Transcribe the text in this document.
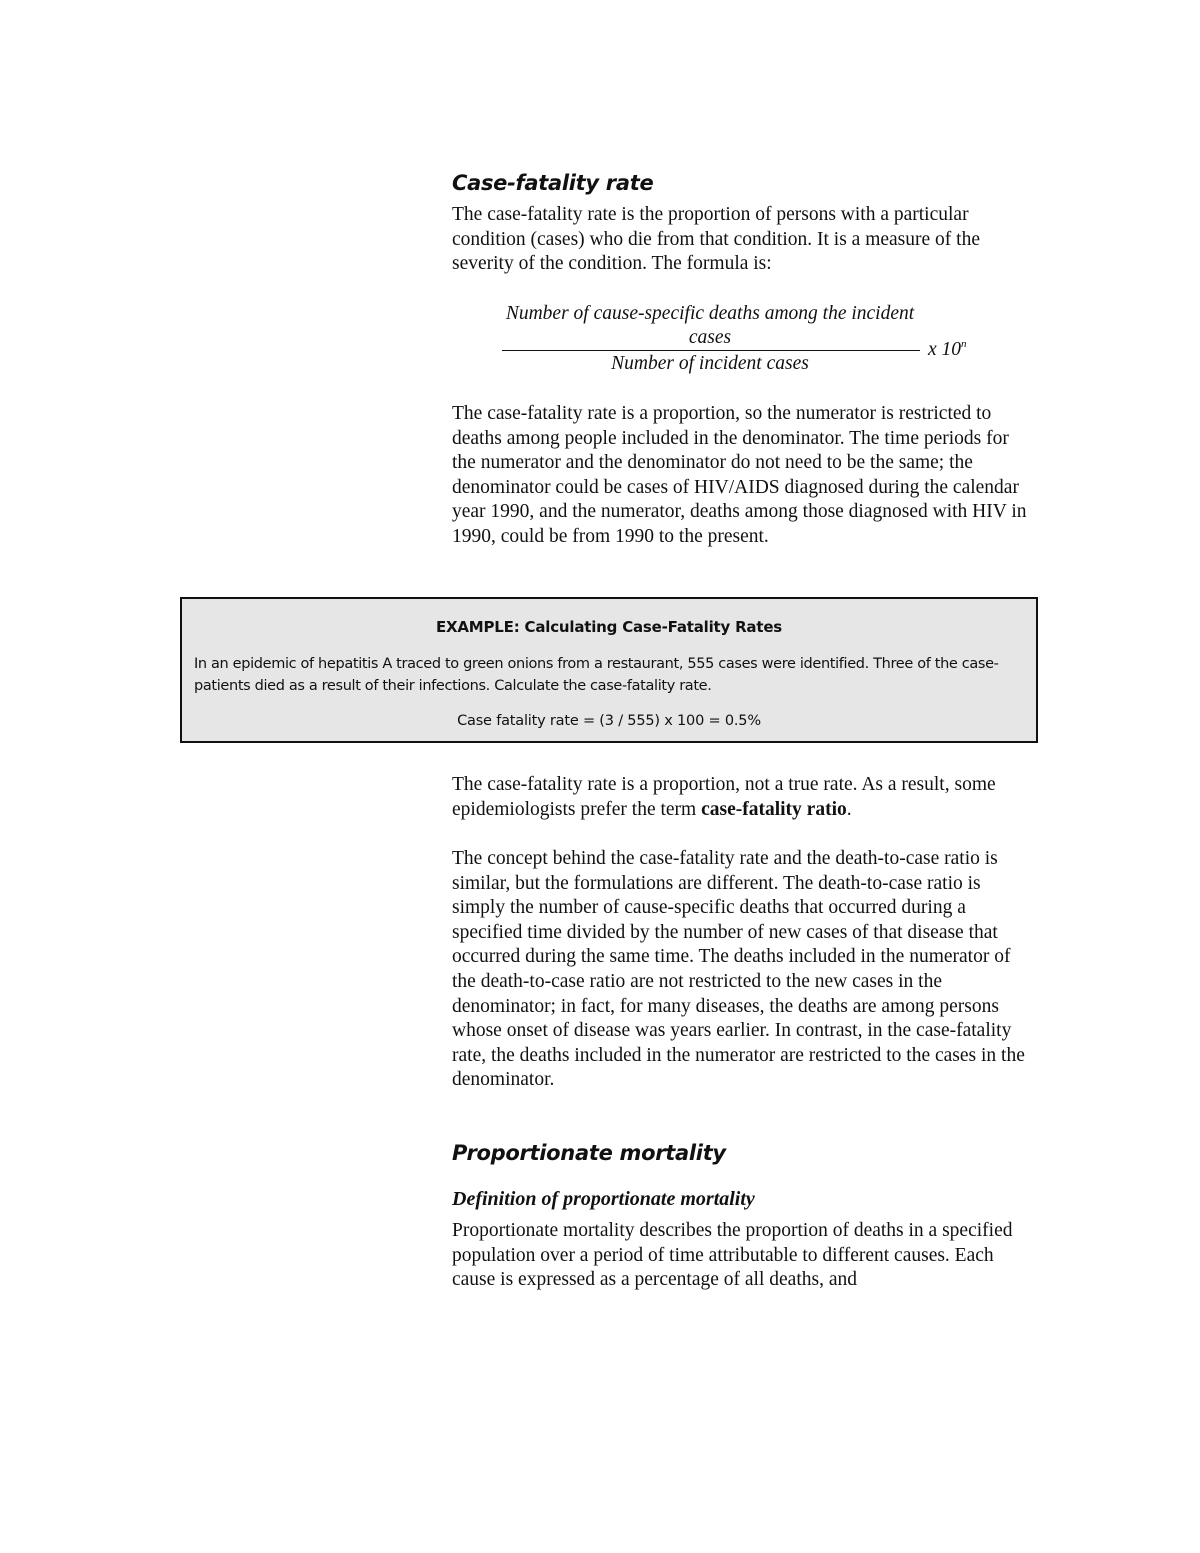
Case-fatality rate

The case-fatality rate is the proportion of persons with a particular condition (cases) who die from that condition. It is a measure of the severity of the condition. The formula is:

Number of cause-specific deaths among the incident cases
Number of incident cases
x 10$^n$

The case-fatality rate is a proportion, so the numerator is restricted to deaths among people included in the denominator. The time periods for the numerator and the denominator do not need to be the same; the denominator could be cases of HIV/AIDS diagnosed during the calendar year 1990, and the numerator, deaths among those diagnosed with HIV in 1990, could be from 1990 to the present.

EXAMPLE: Calculating Case-Fatality Rates
In an epidemic of hepatitis A traced to green onions from a restaurant, 555 cases were identified. Three of the case-patients died as a result of their infections. Calculate the case-fatality rate.
Case fatality rate = (3 / 555) x 100 = 0.5%

The case-fatality rate is a proportion, not a true rate. As a result, some epidemiologists prefer the term case-fatality ratio.

The concept behind the case-fatality rate and the death-to-case ratio is similar, but the formulations are different. The death-to-case ratio is simply the number of cause-specific deaths that occurred during a specified time divided by the number of new cases of that disease that occurred during the same time. The deaths included in the numerator of the death-to-case ratio are not restricted to the new cases in the denominator; in fact, for many diseases, the deaths are among persons whose onset of disease was years earlier. In contrast, in the case-fatality rate, the deaths included in the numerator are restricted to the cases in the denominator.

Proportionate mortality
Definition of proportionate mortality

Proportionate mortality describes the proportion of deaths in a specified population over a period of time attributable to different causes. Each cause is expressed as a percentage of all deaths, and
